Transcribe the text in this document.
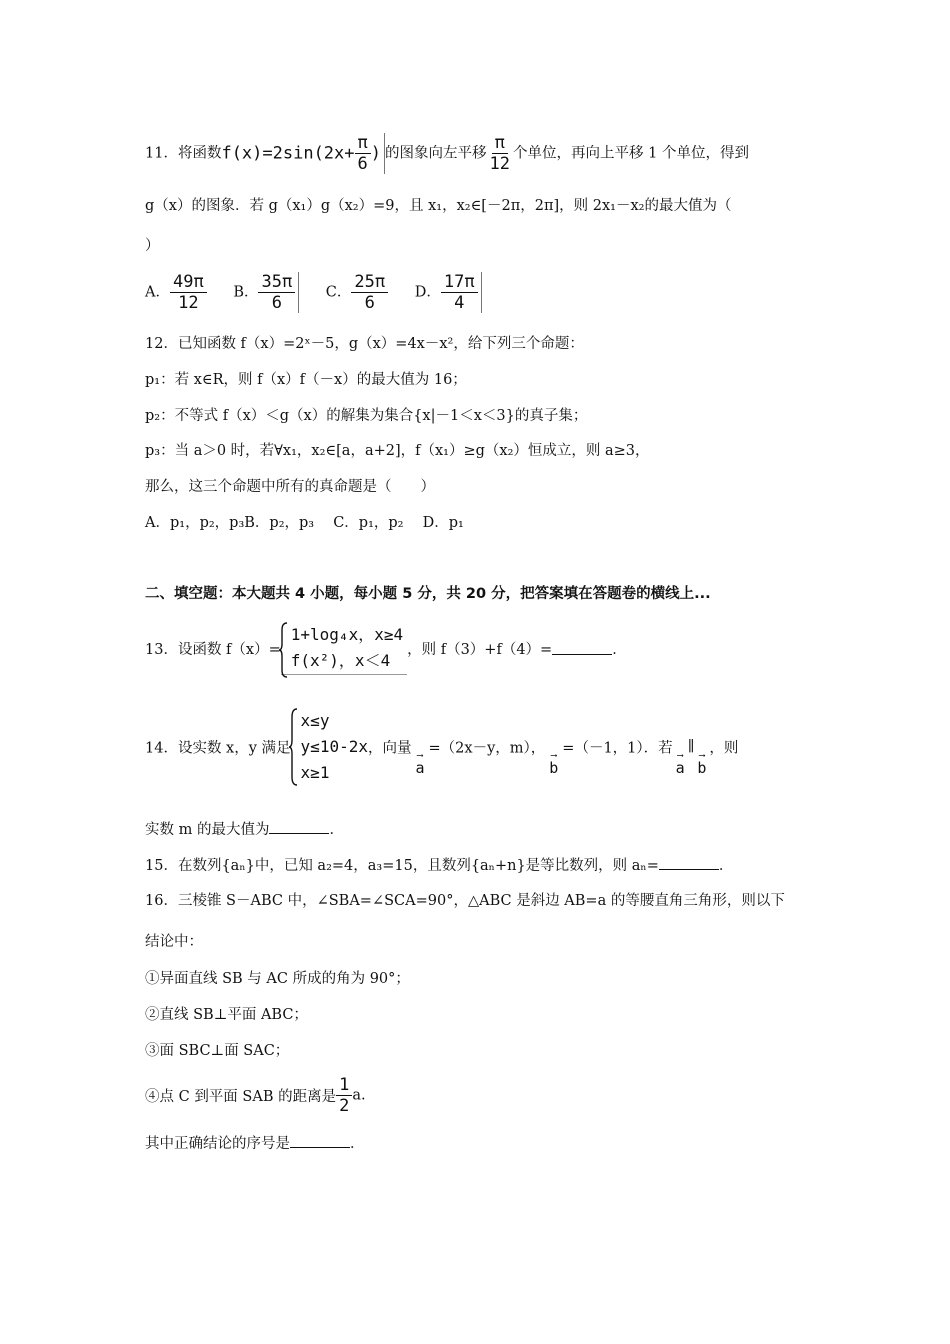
11．将函数$f(x)=2\sin(2x+ \frac{\pi}{6}$ ) 的图象向左平移 $\frac{\pi}{12}$ 个单位，再向上平移 1 个单位，得到
g（x）的图象．若 g（x₁）g（x₂）=9，且 x₁，x₂∈[－2π，2π]，则 2x₁－x₂的最大值为（
）
A． $\frac{49\pi}{12}$ B． $\frac{35\pi}{6}$ C． $\frac{25\pi}{6}$ D． $\frac{17\pi}{4}$
12．已知函数 f（x）=2ˣ－5，g（x）=4x－x²，给下列三个命题：
p₁：若 x∈R，则 f（x）f（－x）的最大值为 16；
p₂：不等式 f（x）＜g（x）的解集为集合{x|－1＜x＜3}的真子集；
p₃：当 a＞0 时，若∀x₁，x₂∈[a，a+2]，f（x₁）≥g（x₂）恒成立，则 a≥3，
那么，这三个命题中所有的真命题是（　　）
A．p₁，p₂，p₃B．p₂，p₃　 C．p₁，p₂　 D．p₁
二、填空题：本大题共 4 小题，每小题 5 分，共 20 分，把答案填在答题卷的横线上...
13．设函数 f（x）=
1+log₄x，x≥4
f(x²)，x＜4
，则 f（3）+f（4）=	．
14．设实数 x，y 满足
x≤y
y≤10-2x
x≥1
，向量 ⟶
a=（2x－y，m）， ⟶
b=（－1，1）．若 ⟶
a∥
⟶
b，则
实数 m 的最大值为	．
15．在数列{aₙ}中，已知 a₂=4，a₃=15，且数列{aₙ+n}是等比数列，则 aₙ=	．
16．三棱锥 S－ABC 中，∠SBA=∠SCA=90°，△ABC 是斜边 AB=a 的等腰直角三角形，则以下
结论中：
①异面直线 SB 与 AC 所成的角为 90°；
②直线 SB⊥平面 ABC；
③面 SBC⊥面 SAC；
④点 C 到平面 SAB 的距离是 $\frac{1}{2} a$.
其中正确结论的序号是	．
